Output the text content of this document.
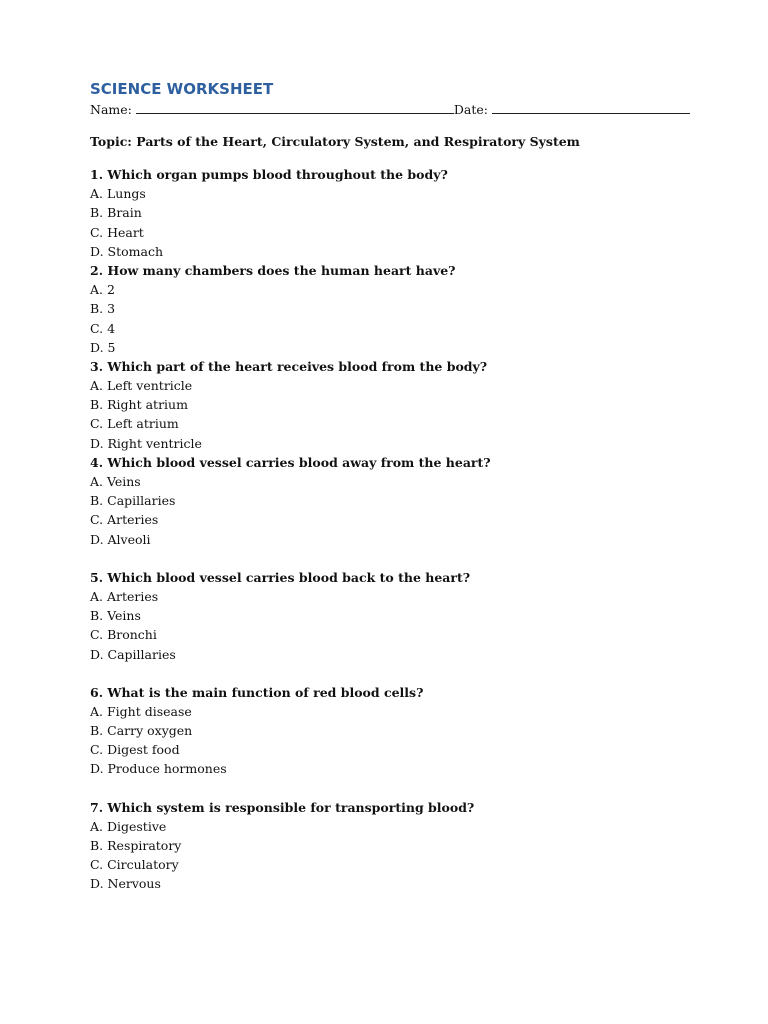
SCIENCE WORKSHEET
Name:	Date:
Topic: Parts of the Heart, Circulatory System, and Respiratory System
1. Which organ pumps blood throughout the body?
A. Lungs
B. Brain
C. Heart
D. Stomach
2. How many chambers does the human heart have?
A. 2
B. 3
C. 4
D. 5
3. Which part of the heart receives blood from the body?
A. Left ventricle
B. Right atrium
C. Left atrium
D. Right ventricle
4. Which blood vessel carries blood away from the heart?
A. Veins
B. Capillaries
C. Arteries
D. Alveoli
5. Which blood vessel carries blood back to the heart?
A. Arteries
B. Veins
C. Bronchi
D. Capillaries
6. What is the main function of red blood cells?
A. Fight disease
B. Carry oxygen
C. Digest food
D. Produce hormones
7. Which system is responsible for transporting blood?
A. Digestive
B. Respiratory
C. Circulatory
D. Nervous
